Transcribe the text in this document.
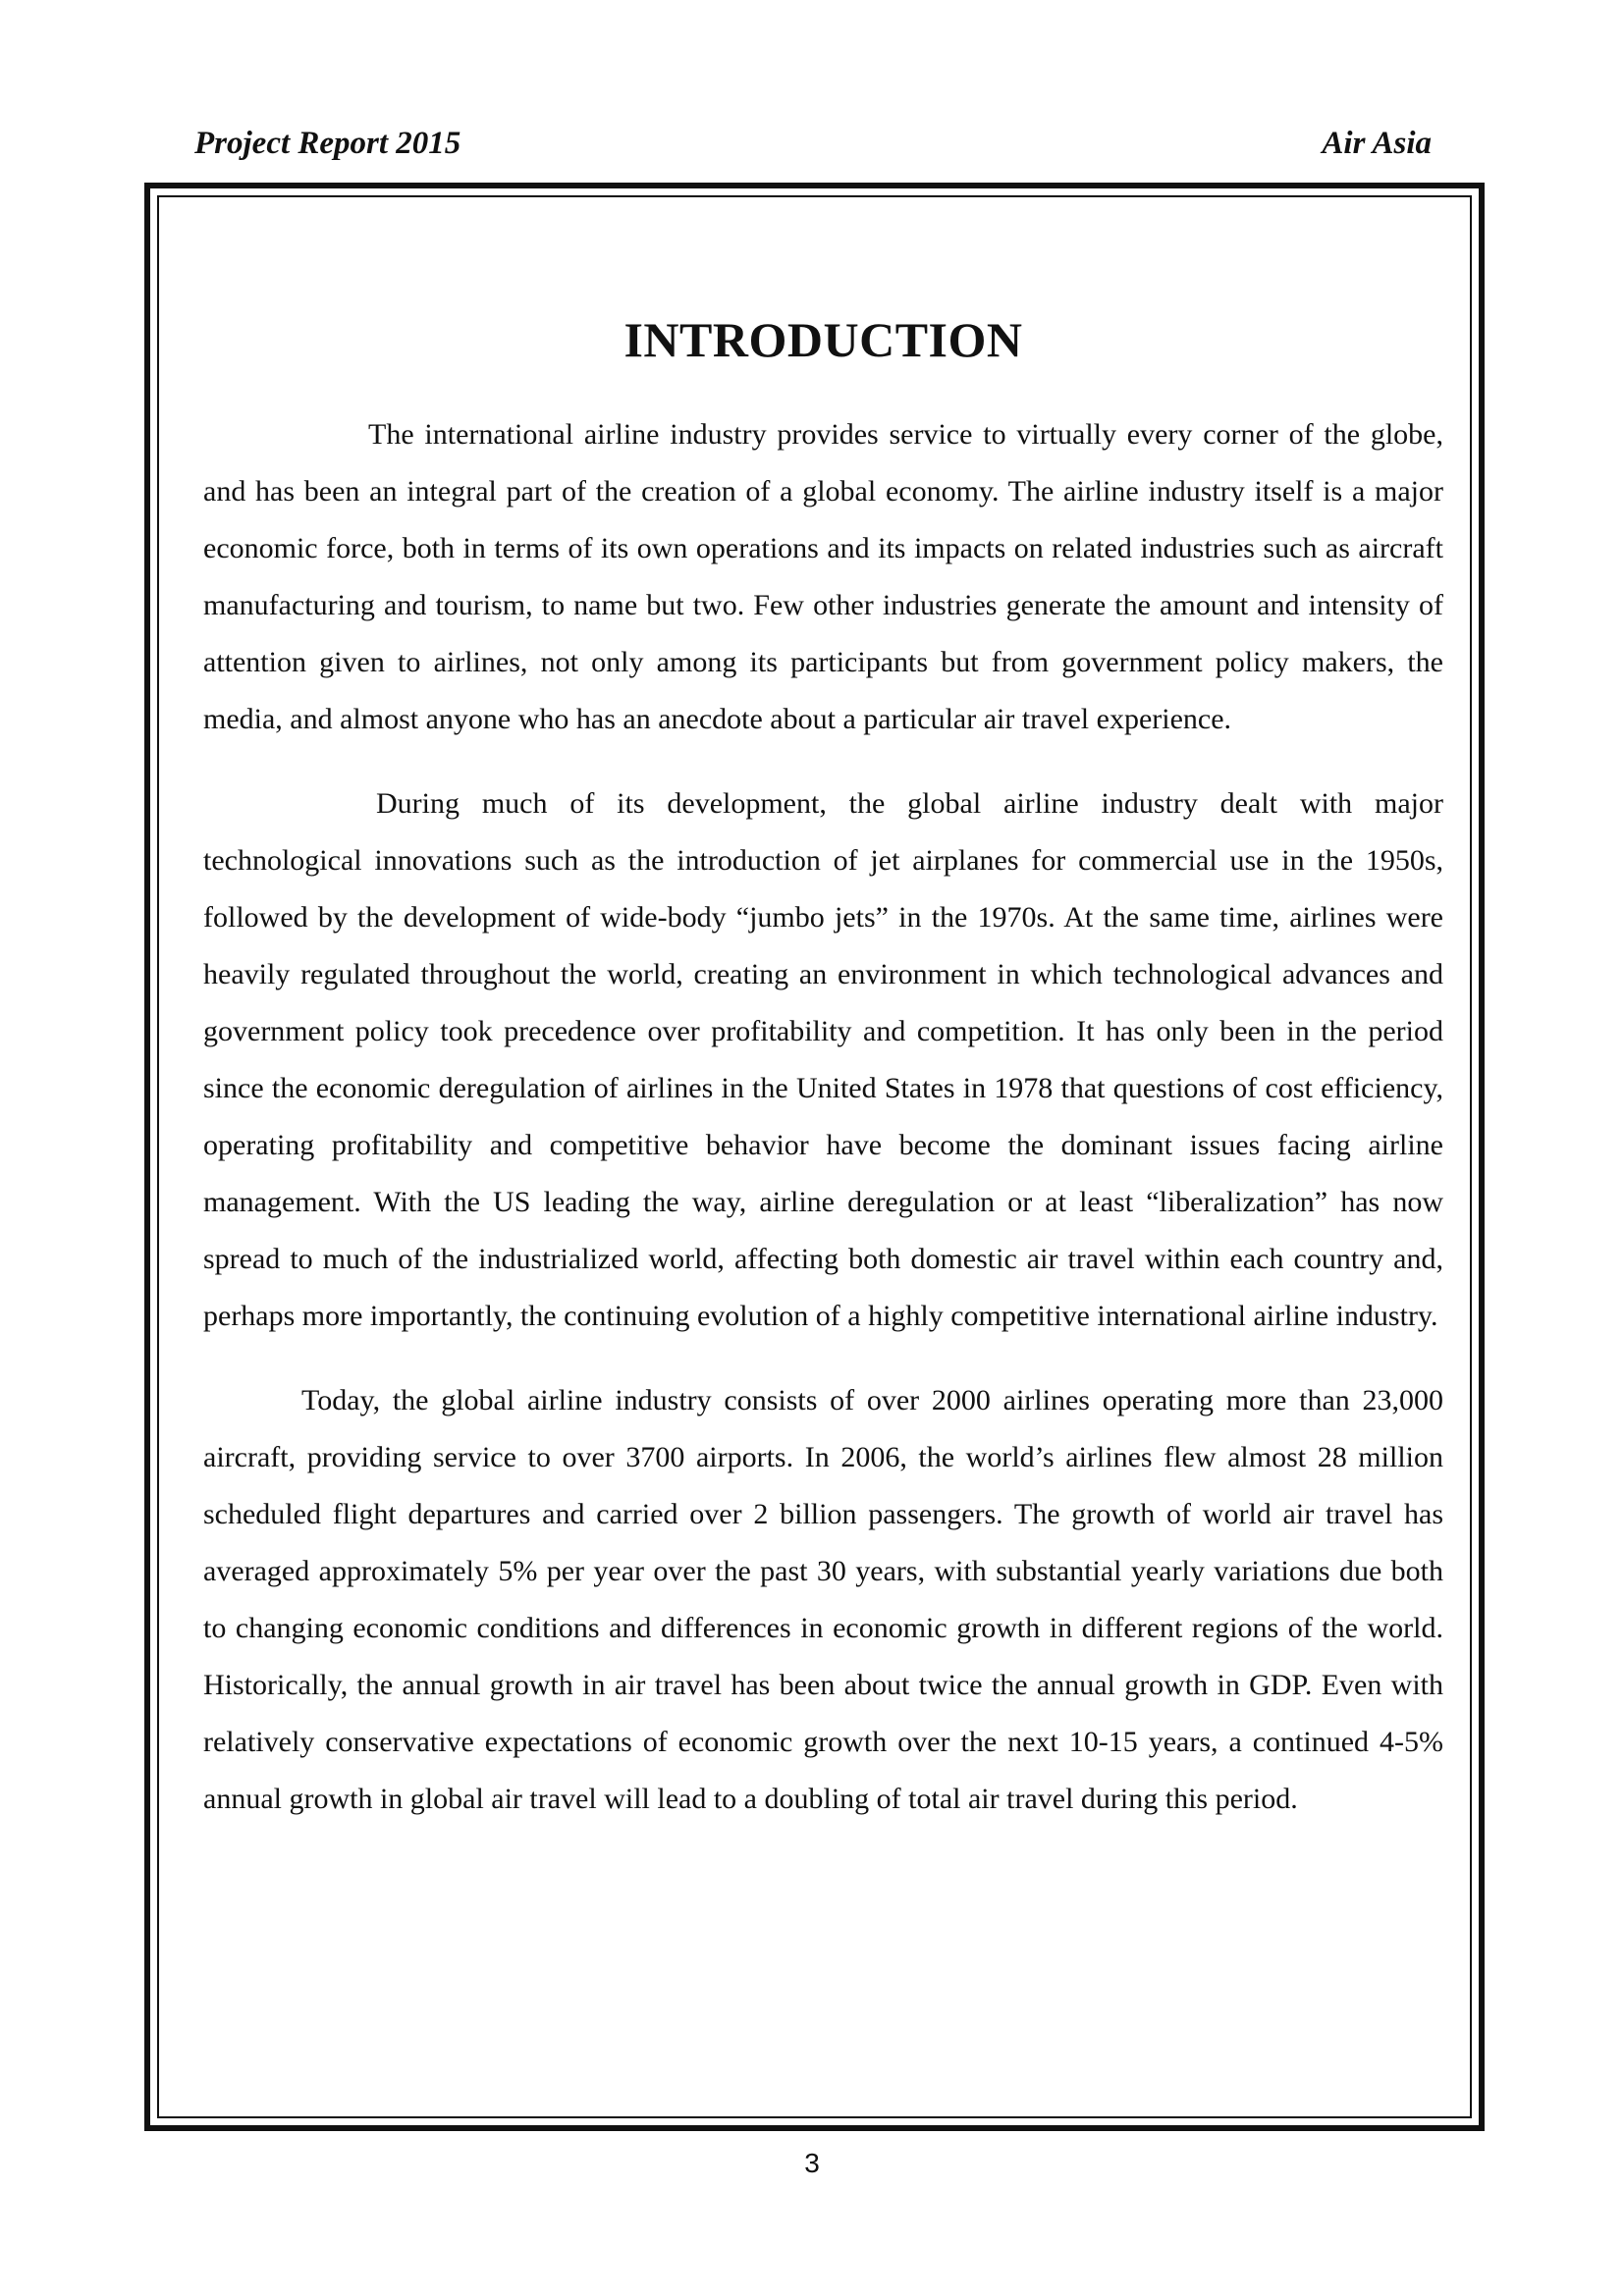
Project Report 2015	Air Asia
INTRODUCTION

The international airline industry provides service to virtually every corner of the globe, and has been an integral part of the creation of a global economy. The airline industry itself is a major economic force, both in terms of its own operations and its impacts on related industries such as aircraft manufacturing and tourism, to name but two. Few other industries generate the amount and intensity of attention given to airlines, not only among its participants but from government policy makers, the media, and almost anyone who has an anecdote about a particular air travel experience.

During much of its development, the global airline industry dealt with major technological innovations such as the introduction of jet airplanes for commercial use in the 1950s, followed by the development of wide-body “jumbo jets” in the 1970s. At the same time, airlines were heavily regulated throughout the world, creating an environment in which technological advances and government policy took precedence over profitability and competition. It has only been in the period since the economic deregulation of airlines in the United States in 1978 that questions of cost efficiency, operating profitability and competitive behavior have become the dominant issues facing airline management. With the US leading the way, airline deregulation or at least “liberalization” has now spread to much of the industrialized world, affecting both domestic air travel within each country and, perhaps more importantly, the continuing evolution of a highly competitive international airline industry.

Today, the global airline industry consists of over 2000 airlines operating more than 23,000 aircraft, providing service to over 3700 airports. In 2006, the world’s airlines flew almost 28 million scheduled flight departures and carried over 2 billion passengers. The growth of world air travel has averaged approximately 5% per year over the past 30 years, with substantial yearly variations due both to changing economic conditions and differences in economic growth in different regions of the world. Historically, the annual growth in air travel has been about twice the annual growth in GDP. Even with relatively conservative expectations of economic growth over the next 10-15 years, a continued 4-5% annual growth in global air travel will lead to a doubling of total air travel during this period.

3
